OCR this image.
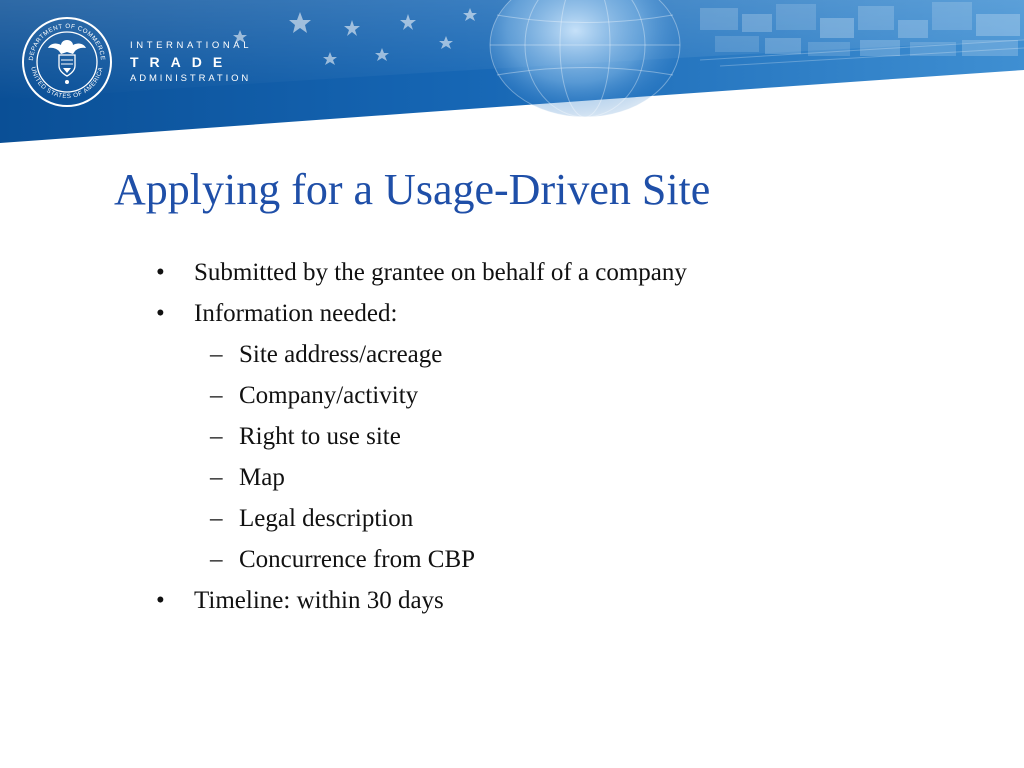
DEPARTMENT OF COMMERCE
UNITED STATES OF AMERICA
INTERNATIONAL
TRADE
ADMINISTRATION
Applying for a Usage-Driven Site
• Submitted by the grantee on behalf of a company
• Information needed:
– Site address/acreage
– Company/activity
– Right to use site
– Map
– Legal description
– Concurrence from CBP
• Timeline: within 30 days
